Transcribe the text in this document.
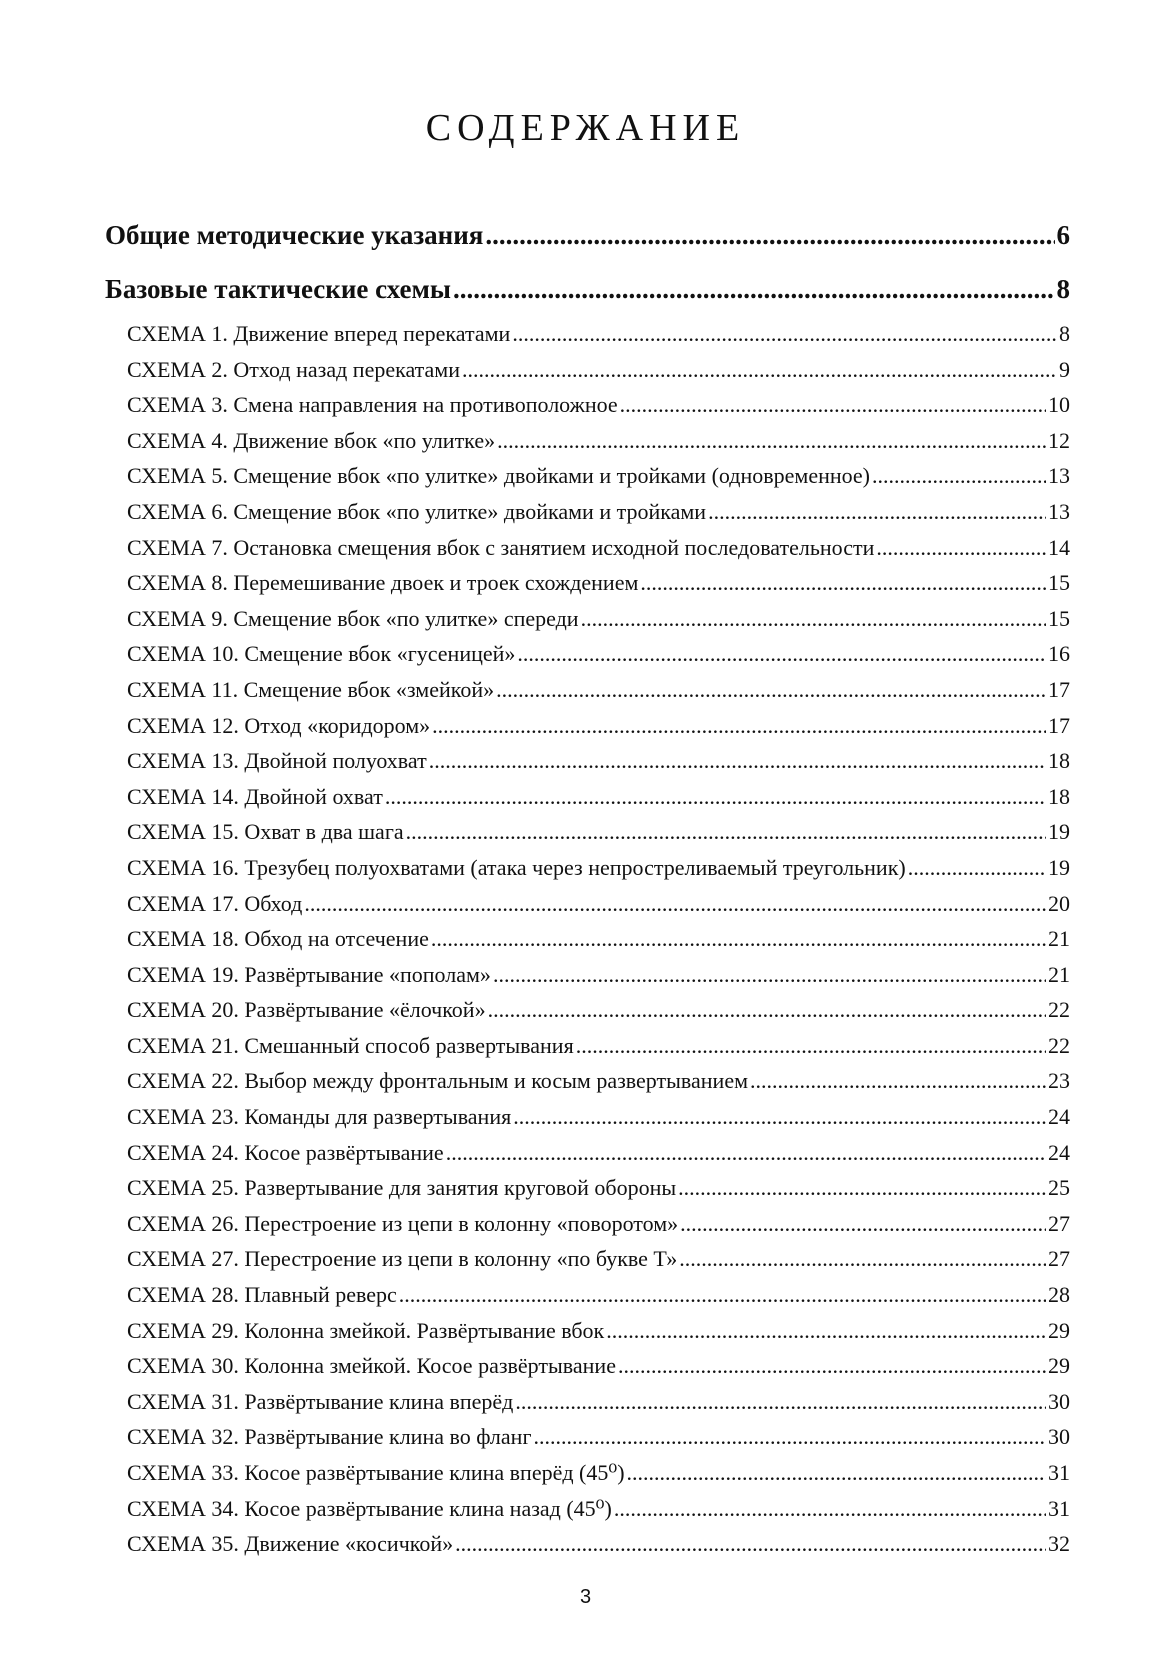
СОДЕРЖАНИЕ
Общие методические указания .....	6
Базовые тактические схемы .....	8
СХЕМА 1. Движение вперед перекатами .....	8
СХЕМА 2. Отход назад перекатами .....	9
СХЕМА 3. Смена направления на противоположное .....	10
СХЕМА 4. Движение вбок «по улитке» .....	12
СХЕМА 5. Смещение вбок «по улитке» двойками и тройками (одновременное) .....	13
СХЕМА 6. Смещение вбок «по улитке» двойками и тройками .....	13
СХЕМА 7. Остановка смещения вбок с занятием исходной последовательности .....	14
СХЕМА 8. Перемешивание двоек и троек схождением .....	15
СХЕМА 9. Смещение вбок «по улитке» спереди .....	15
СХЕМА 10. Смещение вбок «гусеницей» .....	16
СХЕМА 11. Смещение вбок «змейкой» .....	17
СХЕМА 12. Отход «коридором» .....	17
СХЕМА 13. Двойной полуохват .....	18
СХЕМА 14. Двойной охват .....	18
СХЕМА 15. Охват в два шага .....	19
СХЕМА 16. Трезубец полуохватами (атака через непростреливаемый треугольник) .....	19
СХЕМА 17. Обход .....	20
СХЕМА 18. Обход на отсечение .....	21
СХЕМА 19. Развёртывание «пополам» .....	21
СХЕМА 20. Развёртывание «ёлочкой» .....	22
СХЕМА 21. Смешанный способ развертывания .....	22
СХЕМА 22. Выбор между фронтальным и косым развертыванием .....	23
СХЕМА 23. Команды для развертывания .....	24
СХЕМА 24. Косое развёртывание .....	24
СХЕМА 25. Развертывание для занятия круговой обороны .....	25
СХЕМА 26. Перестроение из цепи в колонну «поворотом» .....	27
СХЕМА 27. Перестроение из цепи в колонну «по букве Т» .....	27
СХЕМА 28. Плавный реверс .....	28
СХЕМА 29. Колонна змейкой. Развёртывание вбок .....	29
СХЕМА 30. Колонна змейкой. Косое развёртывание .....	29
СХЕМА 31. Развёртывание клина вперёд .....	30
СХЕМА 32. Развёртывание клина во фланг .....	30
СХЕМА 33. Косое развёртывание клина вперёд (45⁰) .....	31
СХЕМА 34. Косое развёртывание клина назад (45⁰) .....	31
СХЕМА 35. Движение «косичкой» .....	32
3
